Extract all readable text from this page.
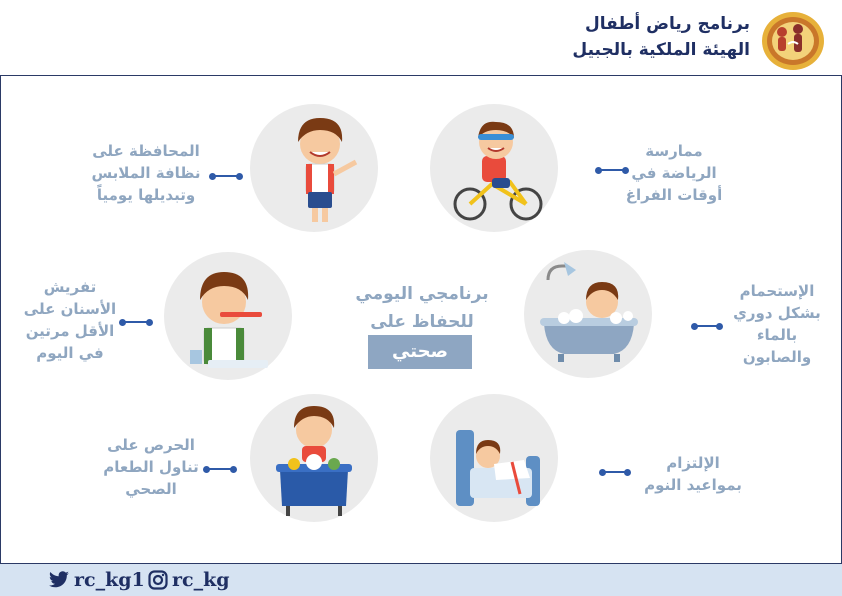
برنامج رياض أطفال
الهيئة الملكية بالجبيل
ممارسة
الرياضة في
أوقات الفراغ
المحافظة على
نظافة الملابس
وتبديلها يومياً
الإستحمام
بشكل دوري
بالماء
والصابون
تفريش
الأسنان على
الأقل مرتين
في اليوم
الإلتزام
بمواعيد النوم
الحرص على
تناول الطعام
الصحي
برنامجي اليومي
للحفاظ على
صحتي
rc_kg1 rc_kg
